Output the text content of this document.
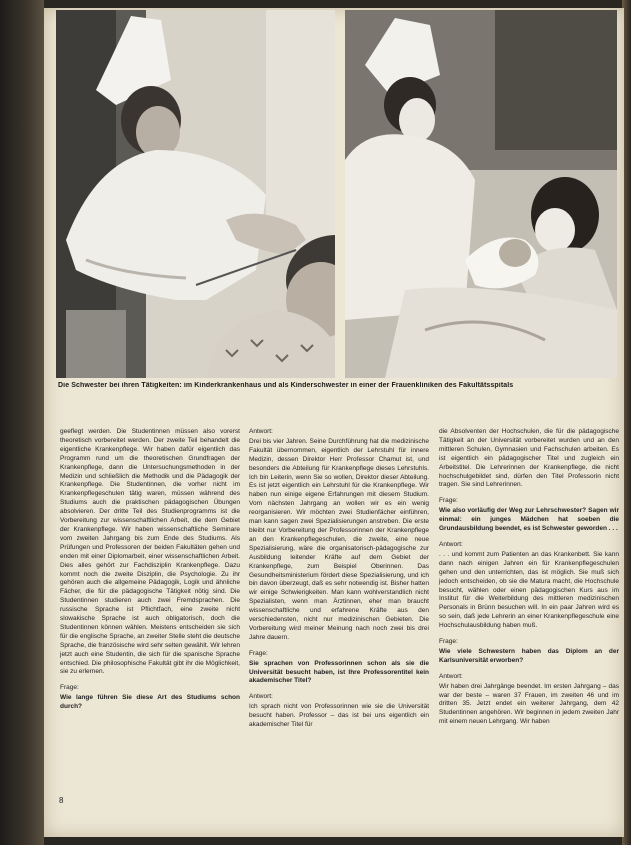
Die Schwester bei ihren Tätigkeiten: im Kinderkrankenhaus und als Kinderschwester in einer der Frauenkliniken des Fakultätsspitals

geeflegt werden. Die Studentinnen müssen also vorerst theoretisch vorbereitet werden. Der zweite Teil behandelt die eigentliche Krankenpflege. Wir haben dafür eigentlich das Programm rund um die theoretischen Grundfragen der Krankenpflege, dann die Untersuchungsmethoden in der Medizin und schließlich die Methodik und die Pädagogik der Krankenpflege. Die Studentinnen, die vorher nicht im Krankenpflegeschulen tätig waren, müssen während des Studiums auch die praktischen pädagogischen Übungen absolvieren. Der dritte Teil des Studienprogramms ist die Vorbereitung zur wissenschaftlichen Arbeit, die dem Gebiet der Krankenpflege. Wir haben wissenschaftliche Seminare vom zweiten Jahrgang bis zum Ende des Studiums. Als Prüfungen und Professoren der beiden Fakultäten gehen und enden mit einer Diplomarbeit, einer wissenschaftlichen Arbeit. Dies alles gehört zur Fachdisziplin Krankenpflege. Dazu kommt noch die zweite Disziplin, die Psychologie. Zu ihr gehören auch die allgemeine Pädagogik, Logik und ähnliche Fächer, die für die pädagogische Tätigkeit nötig sind. Die Studentinnen studieren auch zwei Fremdsprachen. Die russische Sprache ist Pflichtfach, eine zweite nicht slowakische Sprache ist auch obligatorisch, doch die Studentinnen können wählen. Meistens entscheiden sie sich für die englische Sprache, an zweiter Stelle steht die deutsche Sprache, die französische wird sehr selten gewählt. Wir lehren jetzt auch eine Studentin, die sich für die spanische Sprache entschied. Die philosophische Fakultät gibt ihr die Möglichkeit, sie zu erlernen.

Frage:

Wie lange führen Sie diese Art des Studiums schon durch?

Antwort:

Drei bis vier Jahren. Seine Durchführung hat die medizinische Fakultät übernommen, eigentlich der Lehrstuhl für innere Medizin, dessen Direktor Herr Professor Chamut ist, und besonders die Abteilung für Krankenpflege dieses Lehrstuhls. Ich bin Leiterin, wenn Sie so wollen, Direktor dieser Abteilung. Es ist jetzt eigentlich ein Lehrstuhl für die Krankenpflege. Wir haben nun einige eigene Erfahrungen mit diesem Studium. Vom nächsten Jahrgang an wollen wir es ein wenig reorganisieren. Wir möchten zwei Studienfächer einführen, man kann sagen zwei Spezialisierungen anstreben. Die erste bleibt nur Vorbereitung der Professorinnen der Krankenpflege an den Krankenpflegeschulen, die zweite, eine neue Spezialisierung, wäre die organisatorisch-pädagogische zur Ausbildung leitender Kräfte auf dem Gebiet der Krankenpflege, zum Beispiel Oberinnen. Das Gesundheitsministerium fördert diese Spezialisierung, und ich bin davon überzeugt, daß es sehr notwendig ist. Bisher hatten wir einige Schwierigkeiten. Man kann wohlverstandlich nicht Spezialisten, wenn man Ärztinnen, eher man braucht wissenschaftliche und erfahrene Kräfte aus den verschiedensten, nicht nur medizinischen Gebieten. Die Vorbereitung wird meiner Meinung nach noch zwei bis drei Jahre dauern.

Frage:

Sie sprachen von Professorinnen schon als sie die Universität besucht haben, ist Ihre Professorentitel kein akademischer Titel?

Antwort:

Ich sprach nicht von Professorinnen wie sie die Universität besucht haben. Professor – das ist bei uns eigentlich ein akademischer Titel für

die Absolventen der Hochschulen, die für die pädagogische Tätigkeit an der Universität vorbereitet wurden und an den mittleren Schulen, Gymnasien und Fachschulen arbeiten. Es ist eigentlich ein pädagogischer Titel und zugleich ein Arbeitstitel. Die Lehrerinnen der Krankenpflege, die nicht hochschulgebildet sind, dürfen den Titel Professorin nicht tragen. Sie sind Lehrerinnen.

Frage:

Wie also vorläufig der Weg zur Lehrschwester? Sagen wir einmal: ein junges Mädchen hat soeben die Grundausbildung beendet, es ist Schwester geworden . . .

Antwort:

. . . und kommt zum Patienten an das Krankenbett. Sie kann dann nach einigen Jahren ein für Krankenpflegeschulen gehen und den unterrichten, das ist möglich. Sie muß sich jedoch entscheiden, ob sie die Matura macht, die Hochschule besucht, wählen oder einen pädagogischen Kurs aus im Institut für die Weiterbildung des mittleren medizinischen Personals in Brünn besuchen will. In ein paar Jahren wird es so sein, daß jede Lehrerin an einer Krankenpflegeschule eine Hochschulausbildung haben muß.

Frage:

Wie viele Schwestern haben das Diplom an der Karlsuniversität erworben?

Antwort:

Wir haben drei Jahrgänge beendet. Im ersten Jahrgang – das war der beste – waren 37 Frauen, im zweiten 46 und im dritten 35. Jetzt endet ein weiterer Jahrgang, dem 42 Studentinnen angehören. Wir beginnen in jedem zweiten Jahr mit einem neuen Lehrgang. Wir haben

8
